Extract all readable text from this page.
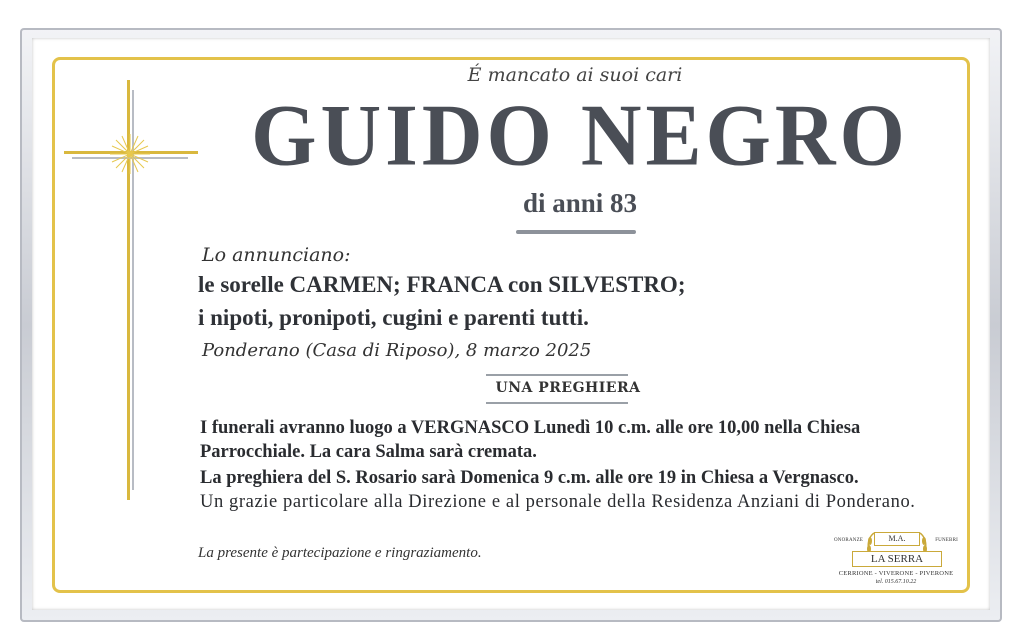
É mancato ai suoi cari
GUIDO NEGRO
di anni 83
Lo annunciano:
le sorelle CARMEN; FRANCA con SILVESTRO;
i nipoti, pronipoti, cugini e parenti tutti.
Ponderano (Casa di Riposo), 8 marzo 2025
UNA PREGHIERA

I funerali avranno luogo a VERGNASCO Lunedì 10 c.m. alle ore 10,00 nella Chiesa Parrocchiale. La cara Salma sarà cremata.

La preghiera del S. Rosario sarà Domenica 9 c.m. alle ore 19 in Chiesa a Vergnasco.

Un grazie particolare alla Direzione e al personale della Residenza Anziani di Ponderano.

La presente è partecipazione e ringraziamento.
ONORANZE	FUNEBRI
M.A.
LA SERRA
CERRIONE - VIVERONE - PIVERONE
tel. 015.67.10.22
